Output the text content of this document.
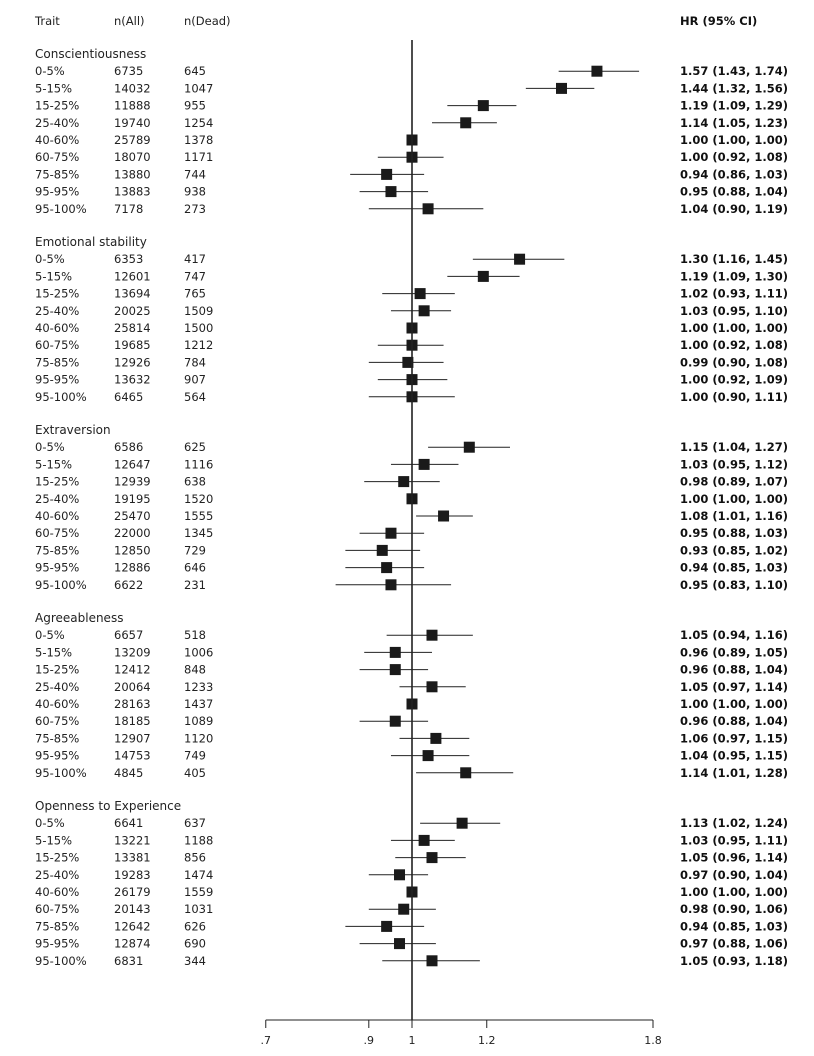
Trait	n(All)	n(Dead)	HR (95% CI)
Conscientiousness
0-5%	6735	645	1.57 (1.43, 1.74)
5-15%	14032	1047	1.44 (1.32, 1.56)
15-25%	11888	955	1.19 (1.09, 1.29)
25-40%	19740	1254	1.14 (1.05, 1.23)
40-60%	25789	1378	1.00 (1.00, 1.00)
60-75%	18070	1171	1.00 (0.92, 1.08)
75-85%	13880	744	0.94 (0.86, 1.03)
95-95%	13883	938	0.95 (0.88, 1.04)
95-100% 7178	273	1.04 (0.90, 1.19)
Emotional stability
0-5%	6353	417	1.30 (1.16, 1.45)
5-15%	12601	747	1.19 (1.09, 1.30)
15-25%	13694	765	1.02 (0.93, 1.11)
25-40%	20025	1509	1.03 (0.95, 1.10)
40-60%	25814	1500	1.00 (1.00, 1.00)
60-75%	19685	1212	1.00 (0.92, 1.08)
75-85%	12926	784	0.99 (0.90, 1.08)
95-95%	13632	907	1.00 (0.92, 1.09)
95-100% 6465	564	1.00 (0.90, 1.11)
Extraversion
0-5%	6586	625	1.15 (1.04, 1.27)
5-15%	12647	1116	1.03 (0.95, 1.12)
15-25%	12939	638	0.98 (0.89, 1.07)
25-40%	19195	1520	1.00 (1.00, 1.00)
40-60%	25470	1555	1.08 (1.01, 1.16)
60-75%	22000	1345	0.95 (0.88, 1.03)
75-85%	12850	729	0.93 (0.85, 1.02)
95-95%	12886	646	0.94 (0.85, 1.03)
95-100% 6622	231	0.95 (0.83, 1.10)
Agreeableness
0-5%	6657	518	1.05 (0.94, 1.16)
5-15%	13209	1006	0.96 (0.89, 1.05)
15-25%	12412	848	0.96 (0.88, 1.04)
25-40%	20064	1233	1.05 (0.97, 1.14)
40-60%	28163	1437	1.00 (1.00, 1.00)
60-75%	18185	1089	0.96 (0.88, 1.04)
75-85%	12907	1120	1.06 (0.97, 1.15)
95-95%	14753	749	1.04 (0.95, 1.15)
95-100% 4845	405	1.14 (1.01, 1.28)
Openness to Experience
0-5%	6641	637	1.13 (1.02, 1.24)
5-15%	13221	1188	1.03 (0.95, 1.11)
15-25%	13381	856	1.05 (0.96, 1.14)
25-40%	19283	1474	0.97 (0.90, 1.04)
40-60%	26179	1559	1.00 (1.00, 1.00)
60-75%	20143	1031	0.98 (0.90, 1.06)
75-85%	12642	626	0.94 (0.85, 1.03)
95-95%	12874	690	0.97 (0.88, 1.06)
95-100% 6831	344	1.05 (0.93, 1.18)
.7	.9	1	1.2	1.8
